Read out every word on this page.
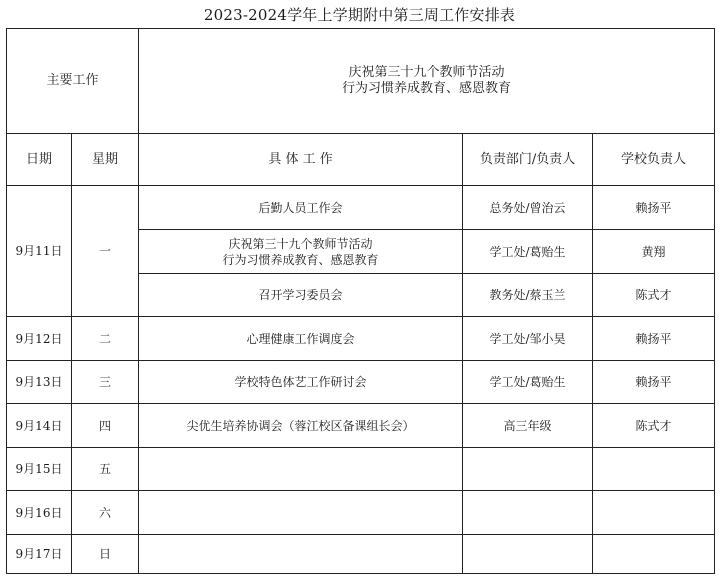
2023-2024学年上学期附中第三周工作安排表
主要工作		庆祝第三十九个教师节活动
行为习惯养成教育、感恩教育		

日期	星期	具 体 工 作	负责部门/负责人	学校负责人
9月11日	一	后勤人员工作会	总务处/曾治云	赖扬平

		庆祝第三十九个教师节活动
行为习惯养成教育、感恩教育	学工处/葛贻生	黄翔
		召开学习委员会	教务处/蔡玉兰	陈式才
9月12日	二	心理健康工作调度会	学工处/邹小昊	赖扬平
9月13日	三	学校特色体艺工作研讨会	学工处/葛贻生	赖扬平
9月14日	四	尖优生培养协调会（蓉江校区备课组长会）	高三年级	陈式才
9月15日	五			
9月16日	六			
9月17日	日			
